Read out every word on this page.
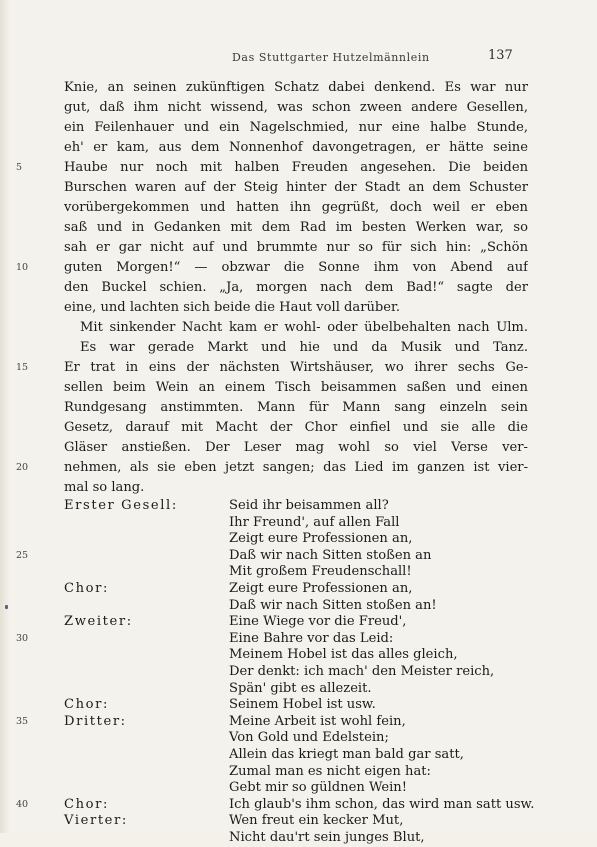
Das Stuttgarter Hutzelmännlein	137
Knie, an seinen zukünftigen Schatz dabei denkend. Es war nur
gut, daß ihm nicht wissend, was schon zween andere Gesellen,
ein Feilenhauer und ein Nagelschmied, nur eine halbe Stunde,
eh' er kam, aus dem Nonnenhof davongetragen, er hätte seine
Haube nur noch mit halben Freuden angesehen. Die beiden
Burschen waren auf der Steig hinter der Stadt an dem Schuster
vorübergekommen und hatten ihn gegrüßt, doch weil er eben
saß und in Gedanken mit dem Rad im besten Werken war, so
sah er gar nicht auf und brummte nur so für sich hin: „Schön
guten Morgen!“ — obzwar die Sonne ihm von Abend auf
den Buckel schien. „Ja, morgen nach dem Bad!“ sagte der
eine, und lachten sich beide die Haut voll darüber.
Mit sinkender Nacht kam er wohl- oder übelbehalten nach Ulm.
Es war gerade Markt und hie und da Musik und Tanz.
Er trat in eins der nächsten Wirtshäuser, wo ihrer sechs Ge-
sellen beim Wein an einem Tisch beisammen saßen und einen
Rundgesang anstimmten. Mann für Mann sang einzeln sein
Gesetz, darauf mit Macht der Chor einfiel und sie alle die
Gläser anstießen. Der Leser mag wohl so viel Verse ver-
nehmen, als sie eben jetzt sangen; das Lied im ganzen ist vier-
mal so lang.
5
10
15
20
25
30
35
40
Erster Gesell:	Seid ihr beisammen all?
Ihr Freund', auf allen Fall
Zeigt eure Professionen an,
Daß wir nach Sitten stoßen an
Mit großem Freudenschall!
Chor:	Zeigt eure Professionen an,
Daß wir nach Sitten stoßen an!
Zweiter:	Eine Wiege vor die Freud',
Eine Bahre vor das Leid:
Meinem Hobel ist das alles gleich,
Der denkt: ich mach' den Meister reich,
Spän' gibt es allezeit.
Chor:	Seinem Hobel ist usw.
Dritter:	Meine Arbeit ist wohl fein,
Von Gold und Edelstein;
Allein das kriegt man bald gar satt,
Zumal man es nicht eigen hat:
Gebt mir so güldnen Wein!
Chor:	Ich glaub's ihm schon, das wird man satt usw.
Vierter:	Wen freut ein kecker Mut,
Nicht dau'rt sein junges Blut,
